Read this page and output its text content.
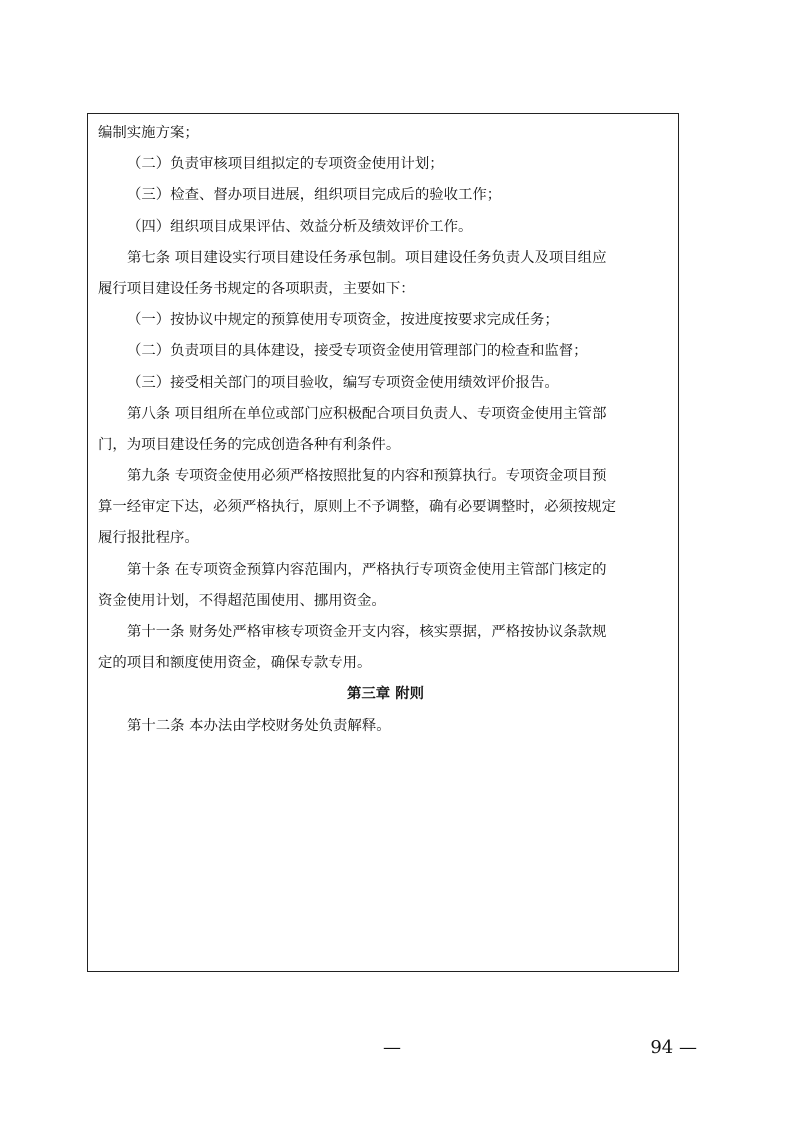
编制实施方案；
（二）负责审核项目组拟定的专项资金使用计划；
（三）检查、督办项目进展，组织项目完成后的验收工作；
（四）组织项目成果评估、效益分析及绩效评价工作。
第七条 项目建设实行项目建设任务承包制。项目建设任务负责人及项目组应
履行项目建设任务书规定的各项职责，主要如下：
（一）按协议中规定的预算使用专项资金，按进度按要求完成任务；
（二）负责项目的具体建设，接受专项资金使用管理部门的检查和监督；
（三）接受相关部门的项目验收，编写专项资金使用绩效评价报告。
第八条 项目组所在单位或部门应积极配合项目负责人、专项资金使用主管部
门，为项目建设任务的完成创造各种有利条件。
第九条 专项资金使用必须严格按照批复的内容和预算执行。专项资金项目预
算一经审定下达，必须严格执行，原则上不予调整，确有必要调整时，必须按规定
履行报批程序。
第十条 在专项资金预算内容范围内，严格执行专项资金使用主管部门核定的
资金使用计划，不得超范围使用、挪用资金。
第十一条 财务处严格审核专项资金开支内容，核实票据，严格按协议条款规
定的项目和额度使用资金，确保专款专用。
第三章 附则
第十二条 本办法由学校财务处负责解释。
—	94 —
